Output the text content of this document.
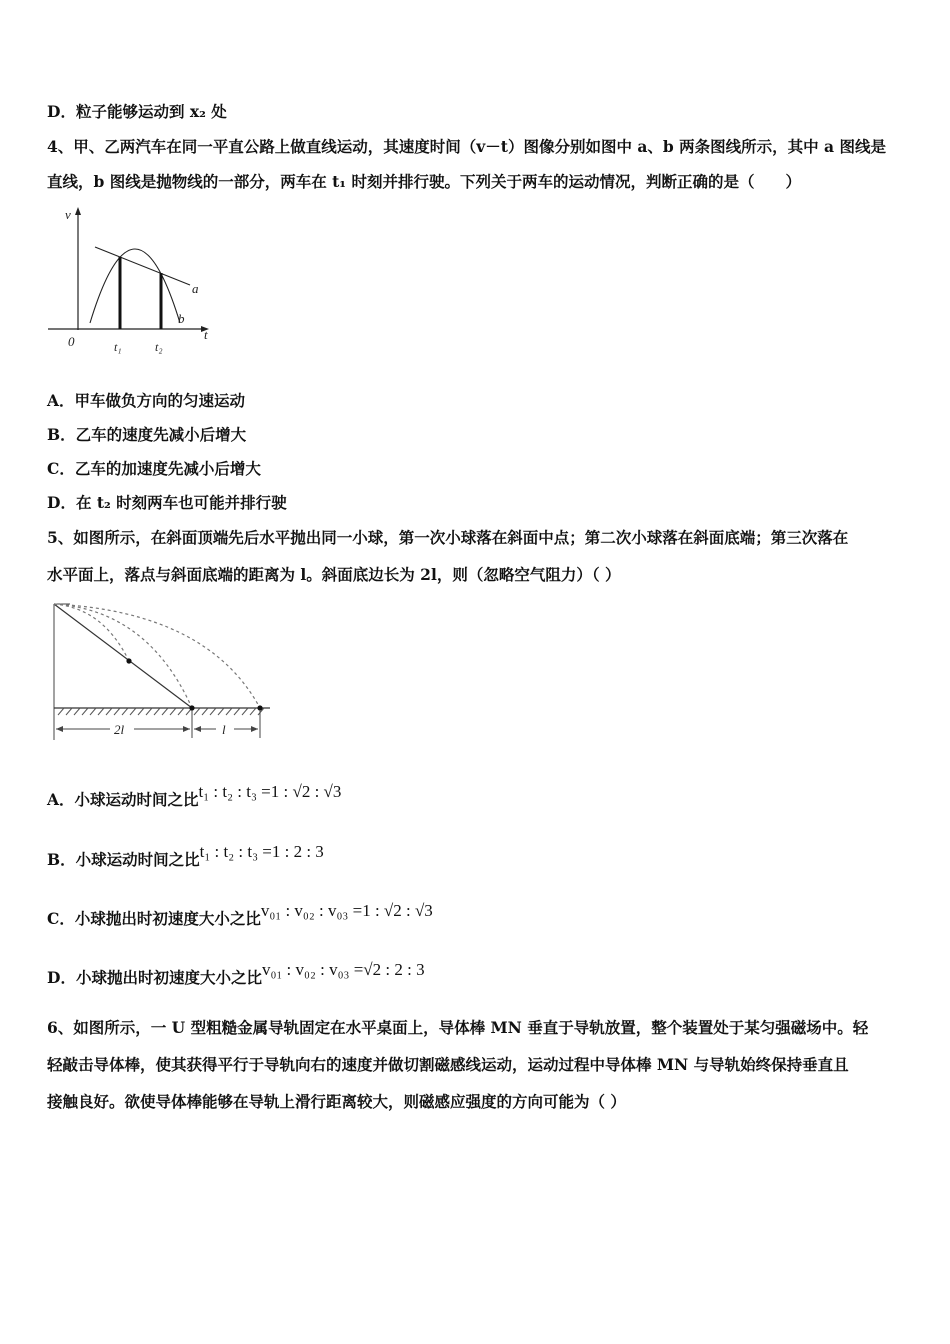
D．粒子能够运动到 x₂ 处
4、甲、乙两汽车在同一平直公路上做直线运动，其速度时间（v－t）图像分别如图中 a、b 两条图线所示，其中 a 图线是
直线，b 图线是抛物线的一部分，两车在 t₁ 时刻并排行驶。下列关于两车的运动情况，判断正确的是（　　）
v
t
0	t₁	t₂
a
b
A．甲车做负方向的匀速运动
B．乙车的速度先减小后增大
C．乙车的加速度先减小后增大
D．在 t₂ 时刻两车也可能并排行驶
5、如图所示，在斜面顶端先后水平抛出同一小球，第一次小球落在斜面中点；第二次小球落在斜面底端；第三次落在
水平面上，落点与斜面底端的距离为 l。斜面底边长为 2l，则（忽略空气阻力）（ ）
2l	l
A．小球运动时间之比t₁ : t₂ : t₃ =1 : √2 : √3
B．小球运动时间之比t₁ : t₂ : t₃ =1 : 2 : 3
C．小球抛出时初速度大小之比v₀₁ : v₀₂ : v₀₃ =1 : √2 : √3
D．小球抛出时初速度大小之比v₀₁ : v₀₂ : v₀₃ =√2 : 2 : 3
6、如图所示，一 U 型粗糙金属导轨固定在水平桌面上，导体棒 MN 垂直于导轨放置，整个装置处于某匀强磁场中。轻
轻敲击导体棒，使其获得平行于导轨向右的速度并做切割磁感线运动，运动过程中导体棒 MN 与导轨始终保持垂直且
接触良好。欲使导体棒能够在导轨上滑行距离较大，则磁感应强度的方向可能为（ ）
